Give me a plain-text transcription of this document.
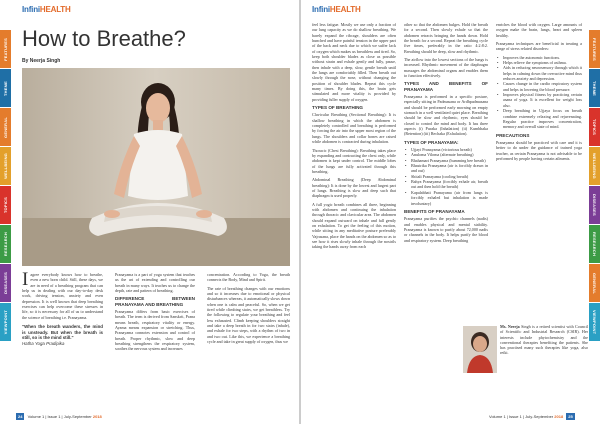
FEATURES
THEME
GENERAL
WELLBEING
TOPICS
RESEARCH
DISEASES
VIEWPOINT
FEATURES
THEME
TOPICS
WELLBEING
DISEASES
RESEARCH
GENERAL
VIEWPOINT
InfiniHEALTH	InfiniHEALTH
How to Breathe?
By Neerja Singh

Iagree everybody knows how to breathe, even a new born child. Still, these days, we are in need of a breathing program that can help us in dealing with our day-to-day desk work, driving tension, anxiety and even depression. It is well known that deep breathing exercises can help overcome these stresses in life, so it is necessary for all of us to understand the science of breathing i.e. Pranayama.

"When the breath wanders, the mind is unsteady. But when the breath is still, so is the mind still."
Hatha Yoga Pradipika

Pranayama is a part of yoga system that teaches us the art of extending and controlling our breath in many ways. It teaches us to change the depth, rate and pattern of breathing.

DIFFERENCE BETWEEN PRANAYAMA AND BREATHING

Pranayama differs from basic exercises of breath. The term is derived from Sanskrit, Prana means breath, respiratory vitality or energy. Ayama means expansion or stretching. Thus, Pranayama connotes extension and control of breath. Proper rhythmic, slow and deep breathing strengthens the respiratory system, soothes the nervous system and increases

concentration. According to Yoga, the breath connects the Body, Mind and Spirit.

The rate of breathing changes with our emotions and so it increases due to emotional or physical disturbances whereas, it automatically slows down when one is calm and peaceful. So, when we get tired while climbing stairs, we get breathless. Try the following to regulate your breathing and feel less exhausted. Climb keeping shoulders straight and take a deep breath in for two stairs (inhale), and exhale for two steps, with a rhythm of two in and two out. Like this, we experience a breathing cycle and take in great supply of oxygen, thus we

feel less fatigue. Mostly we use only a fraction of our lung capacity as we do shallow breathing. We barely expand the ribcage, shoulders are often hunched and have painful tension in the upper part of the back and neck due to which we suffer lack of oxygen which makes us breathless and tired. So, keep both shoulder blades as close as possible without strain and exhale gently and fully, pause, then inhale with a deep, slow, gentle breath until the lungs are comfortably filled. Then breath out slowly through the nose, without changing the position of shoulder blades. Repeat this cycle many times. By doing this, the brain gets stimulated and more vitality is provided by providing fuller supply of oxygen.

TYPES OF BREATHING

Clavicular Breathing (Sectional Breathing): It is shallow breathing in which the abdomen is completely controlled and breathing is performed by forcing the air into the upper most region of the lungs. The shoulders and collar bones are raised while abdomen is contracted during inhalation.

Thoracic (Chest Breathing): Breathing takes place by expanding and contracting the chest only, while abdomen is kept under control. The middle lobes of the lungs are fully activated through this breathing.

Abdominal Breathing (Deep Abdominal breathing): It is done by the lowest and largest part of lungs. Breathing is slow and deep such that diaphragm is used properly.

A full yogic breath combines all three, beginning with abdomen and continuing the inhalation through thoracic and clavicular area. The abdomen should expand outward on inhale and fall gently on exhalation. To get the feeling of this motion, while sitting in any meditative posture preferably Vajrasana, place the hands on the abdomen so as to see how it rises slowly inhale through the nostrils taking the hands away from each

other so that the abdomen bulges. Hold the breath for a second. Then slowly exhale so that the abdomen retracts bringing the hands down. Hold the breath for a second. Repeat the breathing cycle five times, preferably in the ratio 4:2:8:2. Breathing should be deep, slow and rhythmic.

The airflow into the lowest sections of the lungs is increased. Rhythmic movement of the diaphragm massages the abdominal organs and enables them to function effectively.

TYPES AND BENEFITS OF PRANAYAMA

Pranayama is performed in a specific posture, especially sitting in Padmasana or Ardhpadmasana and should be performed early morning on empty stomach in a well ventilated quiet place. Breathing should be slow and rhythmic, eyes should be closed to control the mind and body. It has three aspects (i) Puraka (Inhalation) (ii) Kumbhaka (Retention) (iii) Rechaka (Exhalation).

TYPES OF PRANAYAMA:
• Ujjayi Pranayama (victorious breath)
• Anuloma Viloma (alternate breathing)
• Bhahamari Pranayama (humming bee breath)
• Bhastrika Pranayama (air is forcibly drawn in and out)
• Shitali Pranayama (cooling breath)
• Bahya Pranayama (forcibly exhale air, breath out and then hold the breath)
• Kapalabhati Pranayama (air from lungs is forcibly exhaled but inhalation is made involuntary)
BENEFITS OF PRANAYAMA

Pranayama purifies the psychic channels (nadis) and enables physical and mental stability. Pranayama is known to purify about 72,000 nadis or channels in the body. It helps purify the blood and respiratory system. Deep breathing

enriches the blood with oxygen. Large amounts of oxygen make the brain, lungs, heart and spleen healthy.

Pranayama techniques are beneficial in treating a range of stress related disorders:

• Improves the autonomic functions.
• Helps relieve the symptoms of asthma.
• Aids in reducing neurosensory through which it helps in calming down the overactive mind thus reduces anxiety and depression.
• Causes change in the cardio respiratory system and helps in lowering the blood pressure.
• Improves physical fitness by practicing certain asana of yoga. It is excellent for weight loss also.
• Deep breathing in Ujjaya focus on breath combine extremely relaxing and rejuvenating. Regular practice improves concentration, memory and overall state of mind.
PRECAUTIONS

Pranayama should be practiced with care and it is better to do under the guidance of trained yoga teacher, as certain Pranayama is not advisable to be performed by people having certain ailments.

Ms. Neerja Singh is a retired scientist with Council of Scientific and Industrial Research (CSIR). Her interests include phytochemistry and the conventional therapies benefiting the patients. She has practised many such therapies like yoga, also reiki.

24 Volume 1 | Issue 1 | July-September 2018	Volume 1 | Issue 1 | July-September 2018 25
